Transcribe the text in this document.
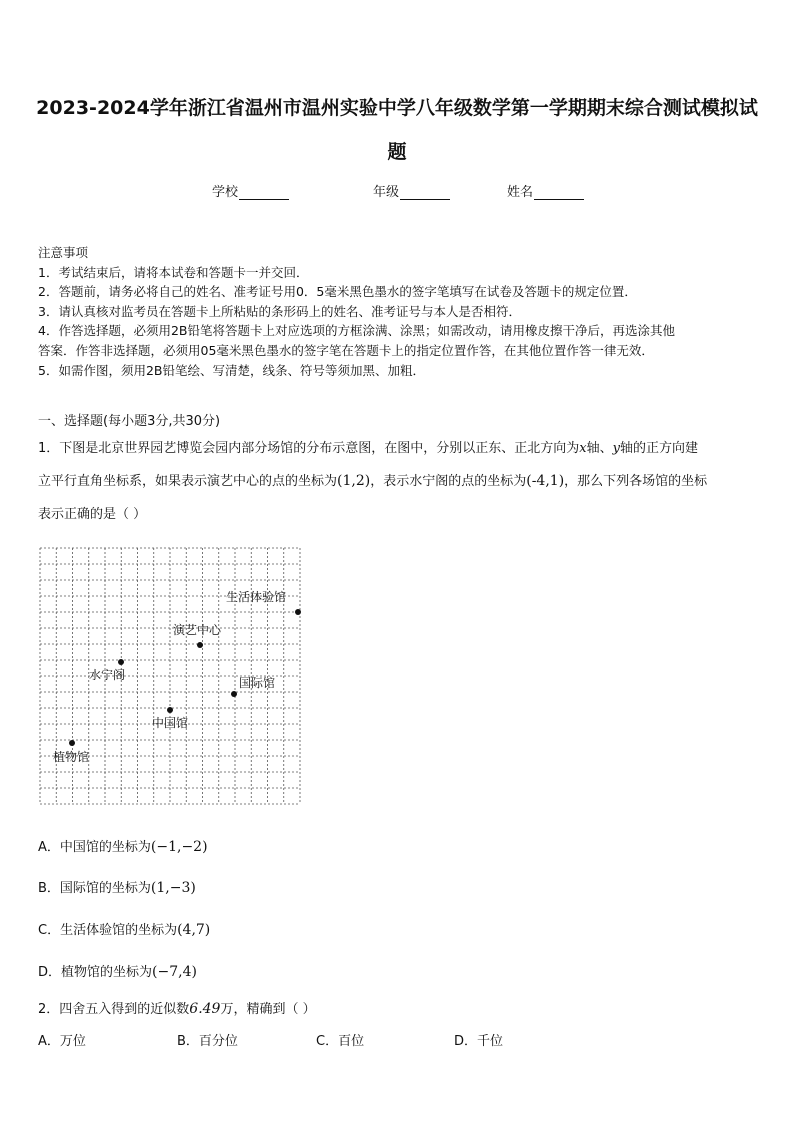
2023-2024学年浙江省温州市温州实验中学八年级数学第一学期期末综合测试模拟试
题
学校	年级	姓名

注意事项

1．考试结束后，请将本试卷和答题卡一并交回．

2．答题前，请务必将自己的姓名、准考证号用0．5毫米黑色墨水的签字笔填写在试卷及答题卡的规定位置．

3．请认真核对监考员在答题卡上所粘贴的条形码上的姓名、准考证号与本人是否相符．

4．作答选择题，必须用2B铅笔将答题卡上对应选项的方框涂满、涂黑；如需改动，请用橡皮擦干净后，再选涂其他

答案．作答非选择题，必须用05毫米黑色墨水的签字笔在答题卡上的指定位置作答，在其他位置作答一律无效．

5．如需作图，须用2B铅笔绘、写清楚，线条、符号等须加黑、加粗．

一、选择题(每小题3分,共30分)
1．下图是北京世界园艺博览会园内部分场馆的分布示意图，在图中，分别以正东、正北方向为x轴、y轴的正方向建
立平行直角坐标系，如果表示演艺中心的点的坐标为(1,2)，表示水宁阁的点的坐标为(-4,1)，那么下列各场馆的坐标
表示正确的是（ ）
生活体验馆
演艺中心
水宁阁
国际馆
中国馆
植物馆
A．中国馆的坐标为(−1,−2)
B．国际馆的坐标为(1,−3)
C．生活体验馆的坐标为(4,7)
D．植物馆的坐标为(−7,4)
2．四舍五入得到的近似数6.49万，精确到（ ）
A．万位	B．百分位	C．百位	D．千位
